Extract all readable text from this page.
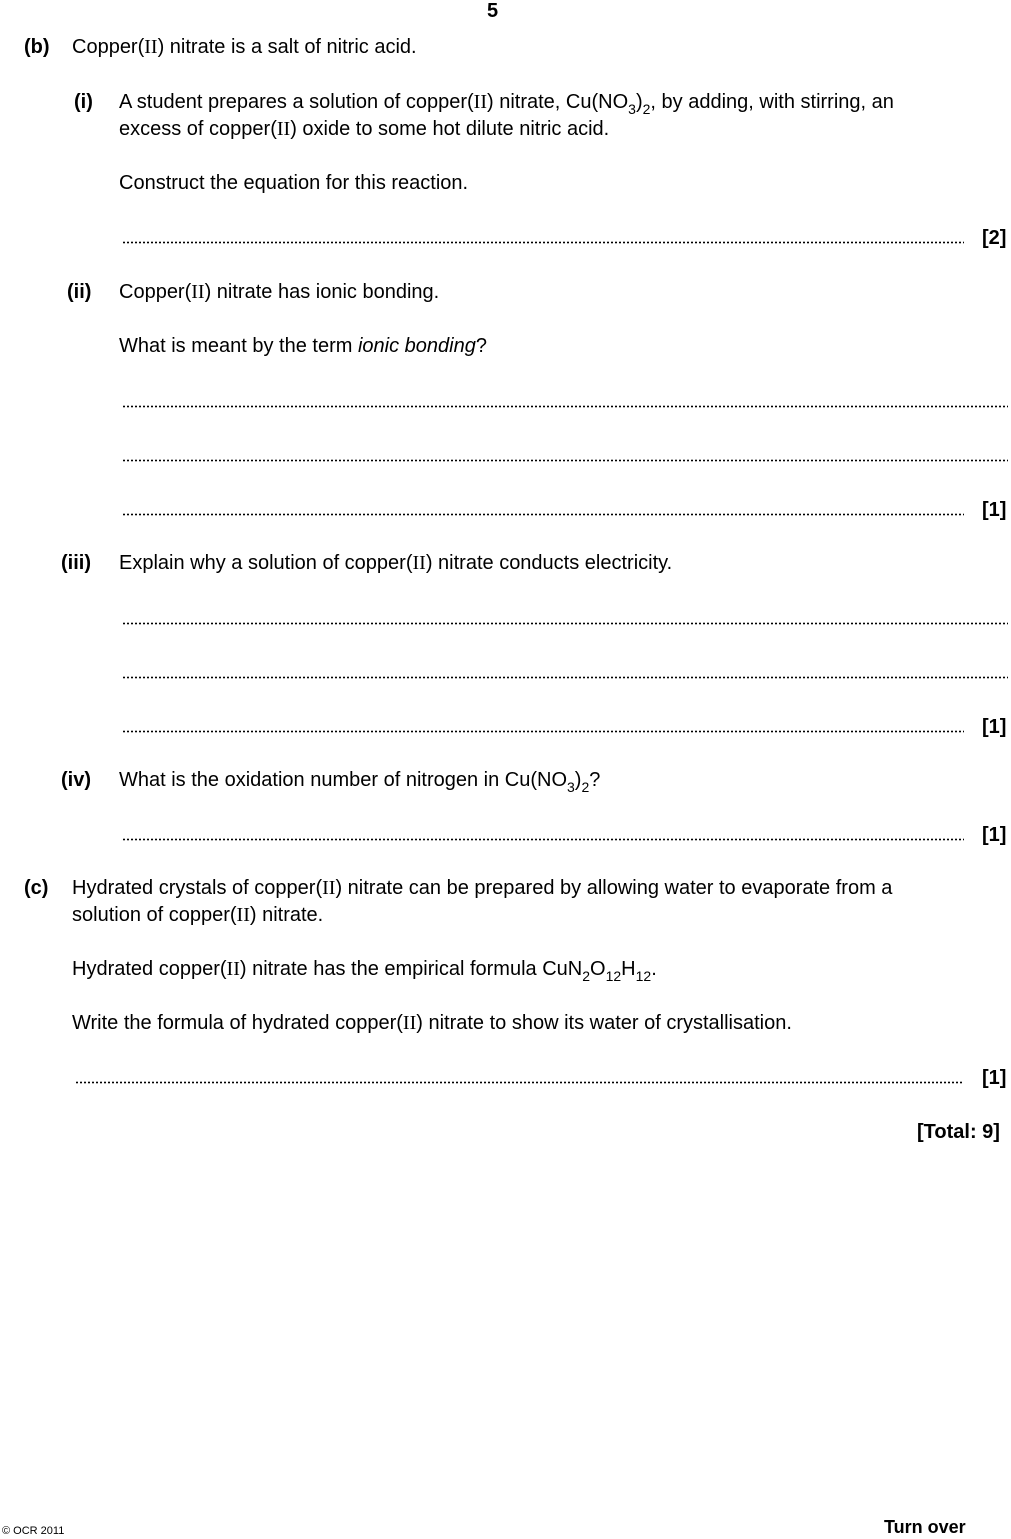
5
(b) Copper(II) nitrate is a salt of nitric acid.
(i) A student prepares a solution of copper(II) nitrate, $Cu(NO_3)_2$, by adding, with stirring, an
excess of copper(II) oxide to some hot dilute nitric acid.
Construct the equation for this reaction.
[2]
(ii) Copper(II) nitrate has ionic bonding.
What is meant by the term ionic bonding?
[1]
(iii) Explain why a solution of copper(II) nitrate conducts electricity.
[1]
(iv) What is the oxidation number of nitrogen in $Cu(NO_3)_2$?
[1]
(c) Hydrated crystals of copper(II) nitrate can be prepared by allowing water to evaporate from a
solution of copper(II) nitrate.
Hydrated copper(II) nitrate has the empirical formula $CuN_2O_{12}H_{12}$.
Write the formula of hydrated copper(II) nitrate to show its water of crystallisation.
[1]
[Total: 9]
© OCR 2011	Turn over
